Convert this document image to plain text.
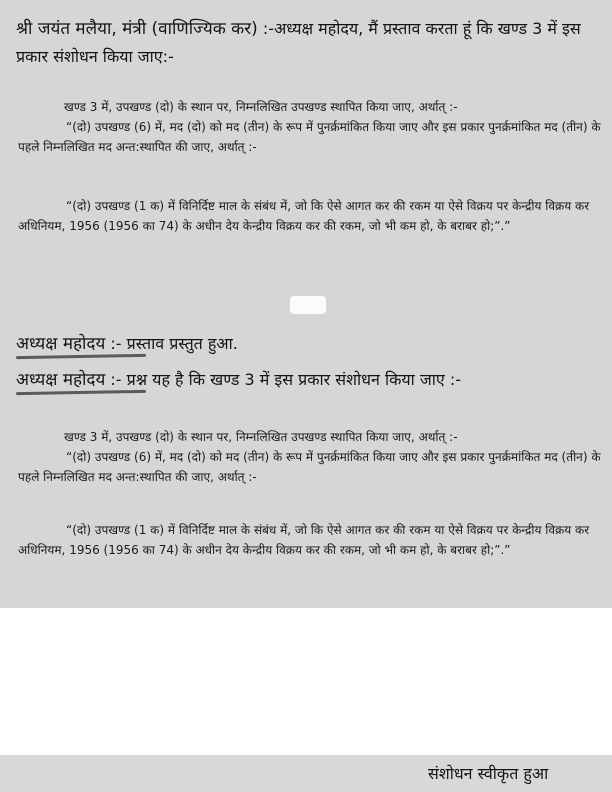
श्री जयंत मलैया, मंत्री (वाणिज्यिक कर) :-अध्यक्ष महोदय, मैं प्रस्ताव करता हूं कि खण्ड 3 में इस प्रकार संशोधन किया जाए:-

खण्ड 3 में, उपखण्ड (दो) के स्थान पर, निम्नलिखित उपखण्ड स्थापित किया जाए, अर्थात् :-

“(दो) उपखण्ड (6) में, मद (दो) को मद (तीन) के रूप में पुनर्क्रमांकित किया जाए और इस प्रकार पुनर्क्रमांकित मद (तीन) के पहले निम्नलिखित मद अन्त:स्थापित की जाए, अर्थात् :-

“(दो) उपखण्ड (1 क) में विनिर्दिष्ट माल के संबंध में, जो कि ऐसे आगत कर की रकम या ऐसे विक्रय पर केन्द्रीय विक्रय कर अधिनियम, 1956 (1956 का 74) के अधीन देय केन्द्रीय विक्रय कर की रकम, जो भी कम हो, के बराबर हो;”.”

अध्यक्ष महोदय :- प्रस्ताव प्रस्तुत हुआ.
अध्यक्ष महोदय :- प्रश्न यह है कि खण्ड 3 में इस प्रकार संशोधन किया जाए :-

खण्ड 3 में, उपखण्ड (दो) के स्थान पर, निम्नलिखित उपखण्ड स्थापित किया जाए, अर्थात् :-

“(दो) उपखण्ड (6) में, मद (दो) को मद (तीन) के रूप में पुनर्क्रमांकित किया जाए और इस प्रकार पुनर्क्रमांकित मद (तीन) के पहले निम्नलिखित मद अन्त:स्थापित की जाए, अर्थात् :-

“(दो) उपखण्ड (1 क) में विनिर्दिष्ट माल के संबंध में, जो कि ऐसे आगत कर की रकम या ऐसे विक्रय पर केन्द्रीय विक्रय कर अधिनियम, 1956 (1956 का 74) के अधीन देय केन्द्रीय विक्रय कर की रकम, जो भी कम हो, के बराबर हो;”.”

संशोधन स्वीकृत हुआ
